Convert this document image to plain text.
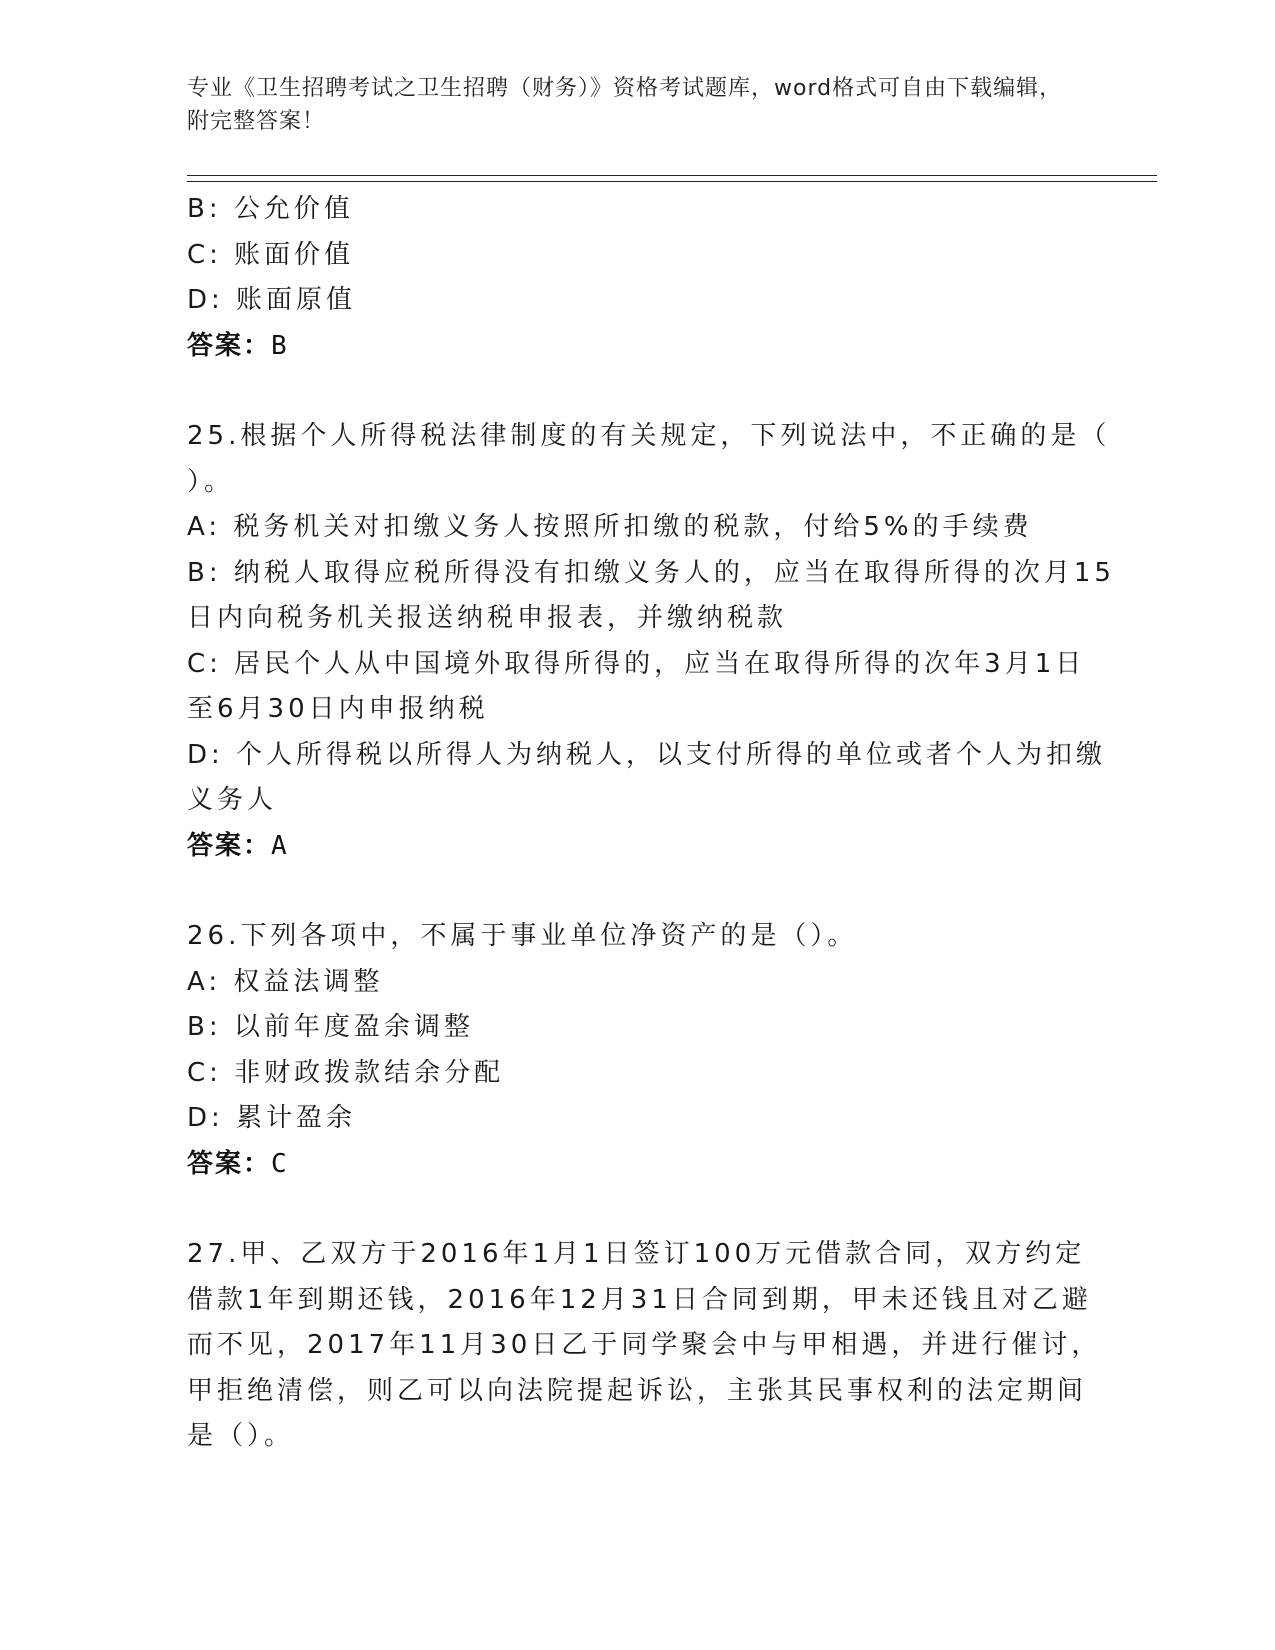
专业《卫生招聘考试之卫生招聘（财务）》资格考试题库，word格式可自由下载编辑，附完整答案！
B: 公允价值
C: 账面价值
D: 账面原值
答案：B
25.根据个人所得税法律制度的有关规定，下列说法中，不正确的是（
）。
A: 税务机关对扣缴义务人按照所扣缴的税款，付给5%的手续费
B: 纳税人取得应税所得没有扣缴义务人的，应当在取得所得的次月15
日内向税务机关报送纳税申报表，并缴纳税款
C: 居民个人从中国境外取得所得的，应当在取得所得的次年3月1日
至6月30日内申报纳税
D: 个人所得税以所得人为纳税人，以支付所得的单位或者个人为扣缴
义务人
答案：A
26.下列各项中，不属于事业单位净资产的是（）。
A: 权益法调整
B: 以前年度盈余调整
C: 非财政拨款结余分配
D: 累计盈余
答案：C
27.甲、乙双方于2016年1月1日签订100万元借款合同，双方约定
借款1年到期还钱，2016年12月31日合同到期，甲未还钱且对乙避
而不见，2017年11月30日乙于同学聚会中与甲相遇，并进行催讨，
甲拒绝清偿，则乙可以向法院提起诉讼，主张其民事权利的法定期间
是（）。
